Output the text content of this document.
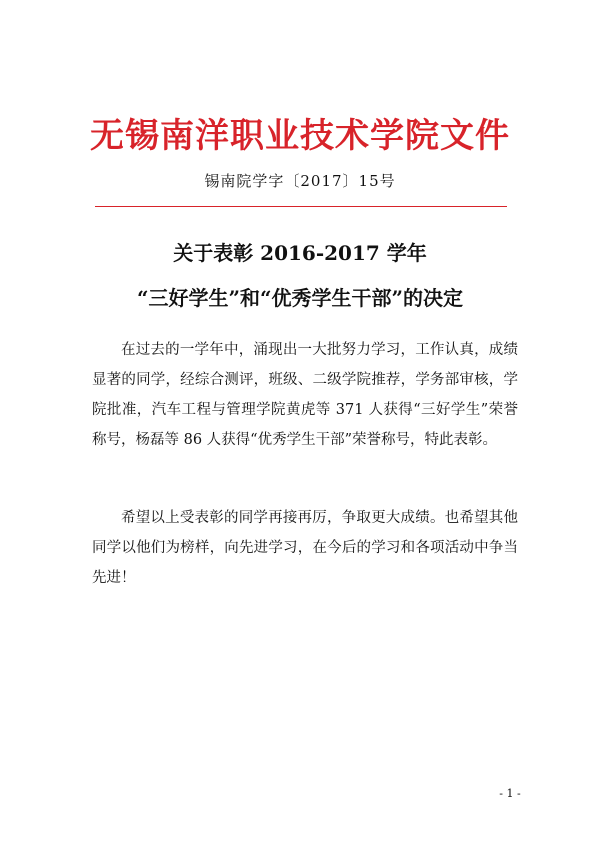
无锡南洋职业技术学院文件
锡南院学字〔2017〕15号
关于表彰 2016-2017 学年
“三好学生”和“优秀学生干部”的决定

在过去的一学年中，涌现出一大批努力学习，工作认真，成绩显著的同学，经综合测评，班级、二级学院推荐，学务部审核，学院批准，汽车工程与管理学院黄虎等 371 人获得“三好学生”荣誉称号，杨磊等 86 人获得“优秀学生干部”荣誉称号，特此表彰。

希望以上受表彰的同学再接再厉，争取更大成绩。也希望其他同学以他们为榜样，向先进学习，在今后的学习和各项活动中争当先进！

- 1 -
